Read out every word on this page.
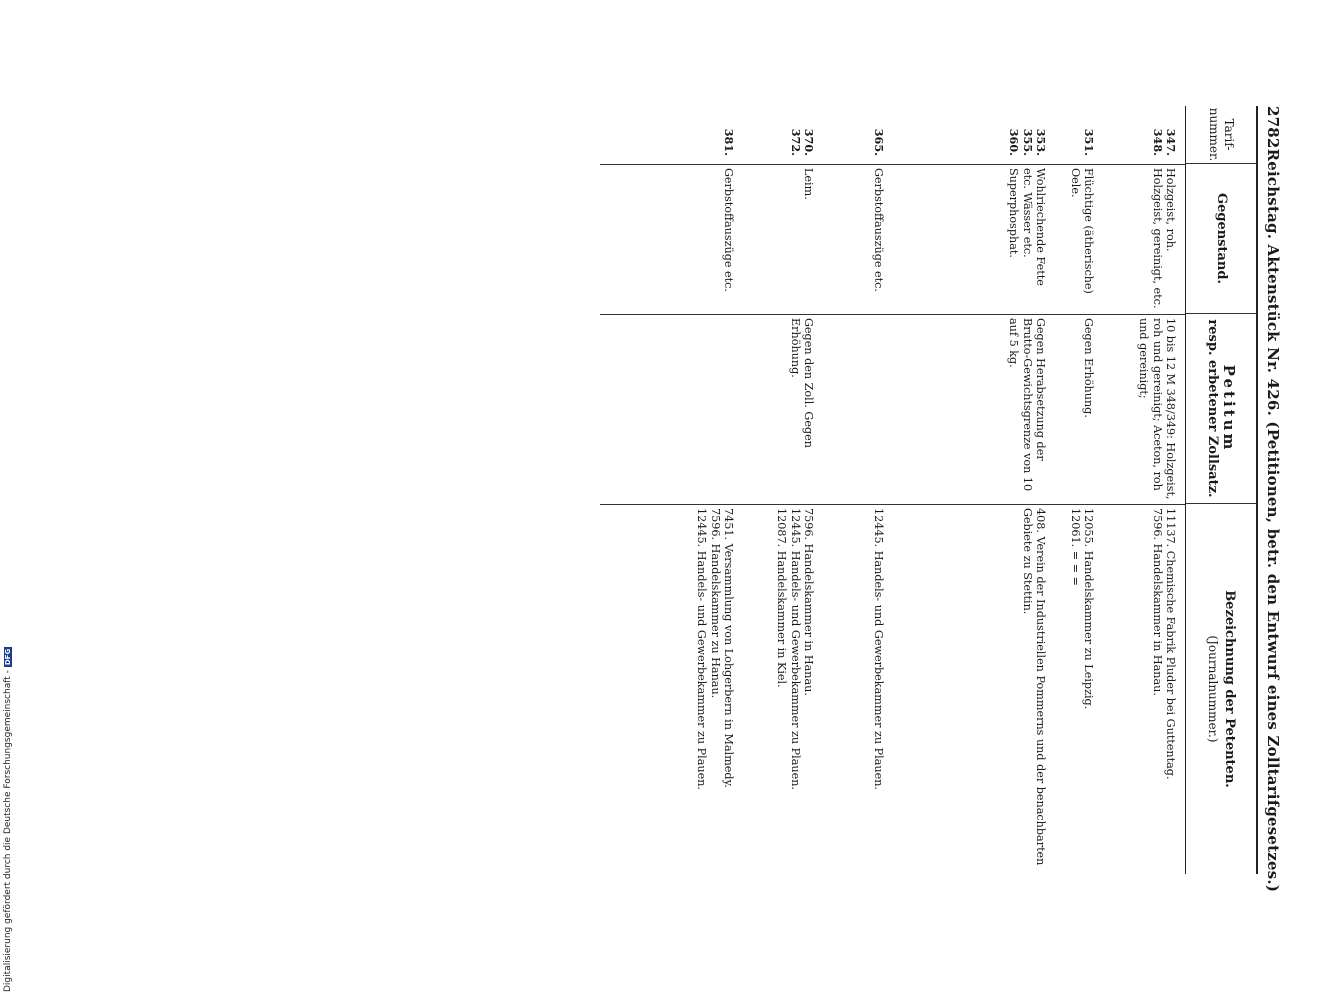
Digitalisierung gefördert durch die Deutsche Forschungsgemeinschaft -DFG
2782
Reichstag. Aktenstück Nr. 426. (Petitionen, betr. den Entwurf eines Zolltarifgesetzes.)
Tarif- nummer.
Gegenstand.
Petitum
resp. erbetener Zollsatz.
Bezeichnung der Petenten.
(Journalnummer.)
347. 348.
Holzgeist, roh. Holzgeist, gereinigt, etc.
10 bis 12 M 348/349: Holzgeist, roh und gereinigt; Aceton, roh und gereinigt;
11137. Chemische Fabrik Pluder bei Guttentag.
7596. Handelskammer in Hanau.
351.
Flüchtige (ätherische) Oele.
Gegen Erhöhung.
12055. Handelskammer zu Leipzig.
12061. = = =
353. 355. 360.
Wohlriechende Fette etc. Wässer etc. Superphosphat.
Gegen Herabsetzung der Brutto-Gewichtsgrenze von 10 auf 5 kg.
408. Verein der Industriellen Pommerns und der benachbarten Gebiete zu Stettin.
365.
Gerbstoffauszüge etc.
12445. Handels- und Gewerbekammer zu Plauen.
370. 372.
Leim.
Gegen den Zoll. Gegen Erhöhung.
7596. Handelskammer in Hanau.
12445. Handels- und Gewerbekammer zu Plauen.
12087. Handelskammer in Kiel.
381.
Gerbstoffauszüge etc.
7451. Versammlung von Lohgerbern in Malmedy.
7596. Handelskammer zu Hanau.
12445. Handels- und Gewerbekammer zu Plauen.
